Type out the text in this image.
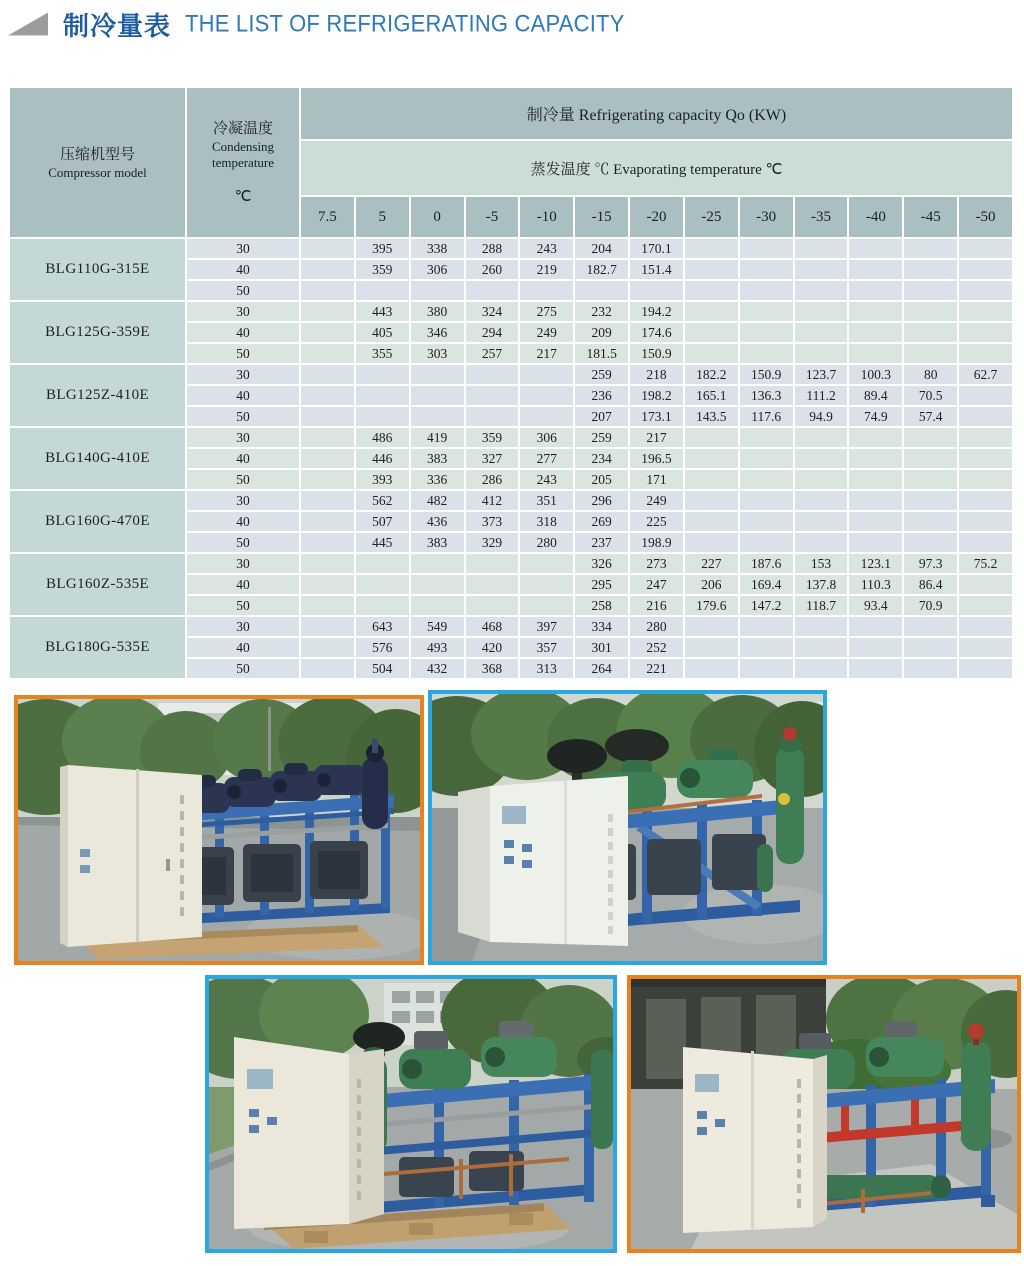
制冷量表 THE LIST OF REFRIGERATING CAPACITY
压缩机型号
Compressor model

冷凝温度
Condensing
temperature
℃
	制冷量 Refrigerating capacity Qo (KW)
		蒸发温度 ℃ Evaporating temperature ℃												
		7.5	5	0	-5	-10	-15	-20	-25	-30	-35	-40	-45	-50
BLG110G-315E	30		395	338	288	243	204	170.1						
	40		359	306	260	219	182.7	151.4						
	50													
BLG125G-359E	30		443	380	324	275	232	194.2						
	40		405	346	294	249	209	174.6						
	50		355	303	257	217	181.5	150.9						
BLG125Z-410E	30						259	218	182.2	150.9	123.7	100.3	80	62.7
	40						236	198.2	165.1	136.3	111.2	89.4	70.5	
	50						207	173.1	143.5	117.6	94.9	74.9	57.4	
BLG140G-410E	30		486	419	359	306	259	217						
	40		446	383	327	277	234	196.5						
	50		393	336	286	243	205	171						
BLG160G-470E	30		562	482	412	351	296	249						
	40		507	436	373	318	269	225						
	50		445	383	329	280	237	198.9						
BLG160Z-535E	30						326	273	227	187.6	153	123.1	97.3	75.2
	40						295	247	206	169.4	137.8	110.3	86.4	
	50						258	216	179.6	147.2	118.7	93.4	70.9	
BLG180G-535E	30		643	549	468	397	334	280						
	40		576	493	420	357	301	252						
	50		504	432	368	313	264	221						
